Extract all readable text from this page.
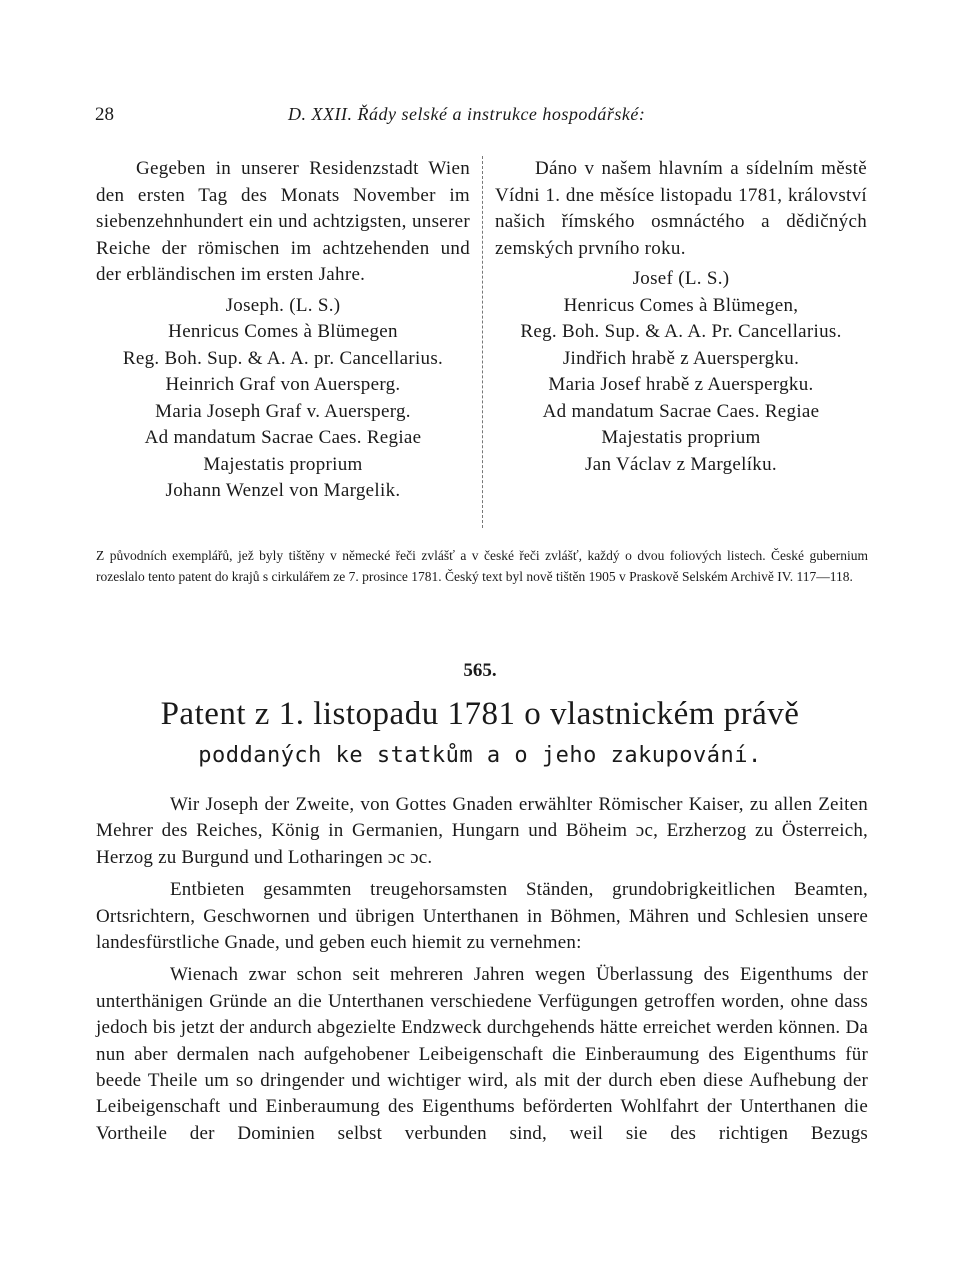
28	D. XXII. Řády selské a instrukce hospodářské:

Gegeben in unserer Residenzstadt Wien den ersten Tag des Monats November im siebenzehnhundert ein und achtzigsten, unserer Reiche der römischen im achtzehenden und der erbländischen im ersten Jahre.

Joseph. (L. S.)

Henricus Comes à Blümegen

Reg. Boh. Sup. & A. A. pr. Cancellarius.

Heinrich Graf von Auersperg.

Maria Joseph Graf v. Auersperg.

Ad mandatum Sacrae Caes. Regiae

Majestatis proprium

Johann Wenzel von Margelik.

Dáno v našem hlavním a sídelním městě Vídni 1. dne měsíce listopadu 1781, království našich římského osmnáctého a dědičných zemských prvního roku.

Josef (L. S.)

Henricus Comes à Blümegen,

Reg. Boh. Sup. & A. A. Pr. Cancellarius.

Jindřich hrabě z Auerspergku.

Maria Josef hrabě z Auerspergku.

Ad mandatum Sacrae Caes. Regiae

Majestatis proprium

Jan Václav z Margelíku.

Z původních exemplářů, jež byly tištěny v německé řeči zvlášť a v české řeči zvlášť, každý o dvou foliových listech. České gubernium rozeslalo tento patent do krajů s cirkulářem ze 7. prosince 1781. Český text byl nově tištěn 1905 v Praskově Selském Archivě IV. 117—118.
565.
Patent z 1. listopadu 1781 o vlastnickém právě
poddaných ke statkům a o jeho zakupování.

Wir Joseph der Zweite, von Gottes Gnaden erwählter Römischer Kaiser, zu allen Zeiten Mehrer des Reiches, König in Germanien, Hungarn und Böheim ɔc, Erzherzog zu Österreich, Herzog zu Burgund und Lotharingen ɔc ɔc.

Entbieten gesammten treugehorsamsten Ständen, grundobrigkeitlichen Beamten, Ortsrichtern, Geschwornen und übrigen Unterthanen in Böhmen, Mähren und Schlesien unsere landesfürstliche Gnade, und geben euch hiemit zu vernehmen:

Wienach zwar schon seit mehreren Jahren wegen Überlassung des Eigenthums der unterthänigen Gründe an die Unterthanen verschiedene Verfügungen getroffen worden, ohne dass jedoch bis jetzt der andurch abgezielte Endzweck durchgehends hätte erreichet werden können. Da nun aber dermalen nach aufgehobener Leibeigenschaft die Einberaumung des Eigenthums für beede Theile um so dringender und wichtiger wird, als mit der durch eben diese Aufhebung der Leibeigenschaft und Einberaumung des Eigenthums beförderten Wohlfahrt der Unterthanen die Vortheile der Dominien selbst verbunden sind, weil sie des richtigen Bezugs
